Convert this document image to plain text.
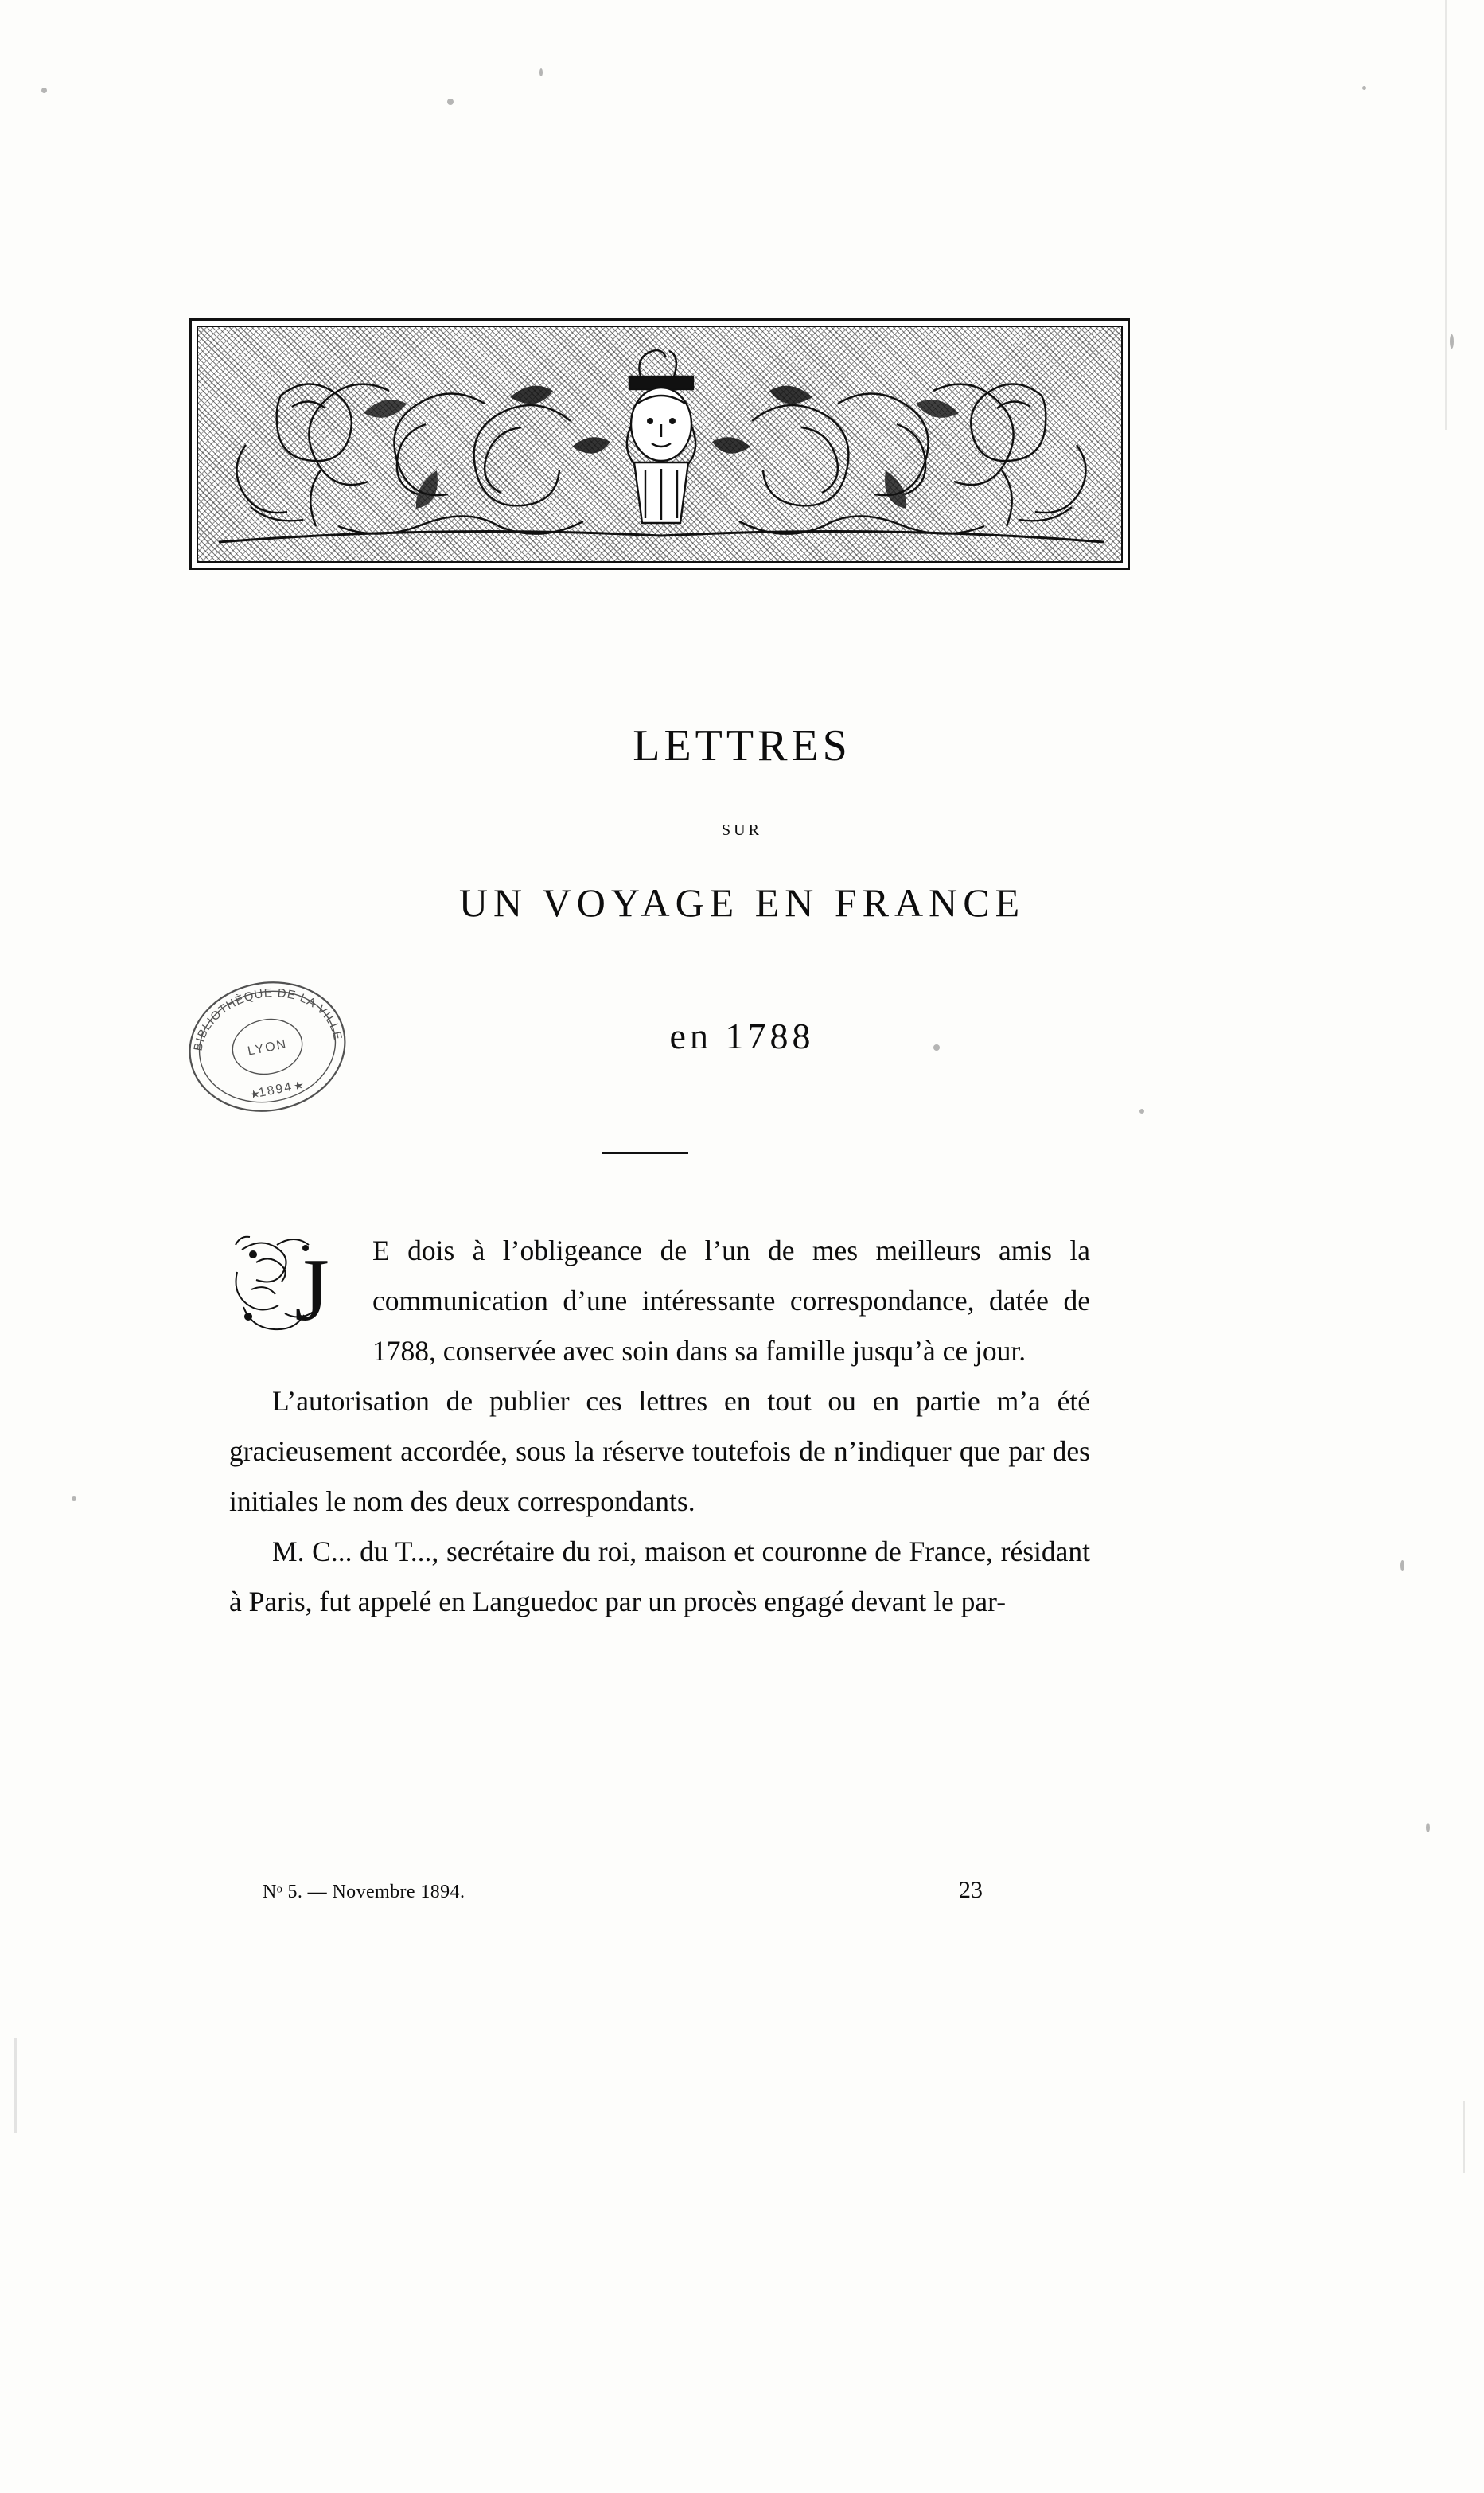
LETTRES
SUR
UN VOYAGE EN FRANCE
en 1788
BIBLIOTHÈQUE DE LA VILLE
LYON
1894

J E dois à l’obligeance de l’un de mes meilleurs amis la communication d’une intéressante correspondance, datée de 1788, conservée avec soin dans sa famille jusqu’à ce jour.

L’autorisation de publier ces lettres en tout ou en partie m’a été gracieusement accordée, sous la réserve toutefois de n’indiquer que par des initiales le nom des deux correspondants.

M. C... du T..., secrétaire du roi, maison et couronne de France, résidant à Paris, fut appelé en Languedoc par un procès engagé devant le par-

Nᵒ 5. — Novembre 1894.	23
